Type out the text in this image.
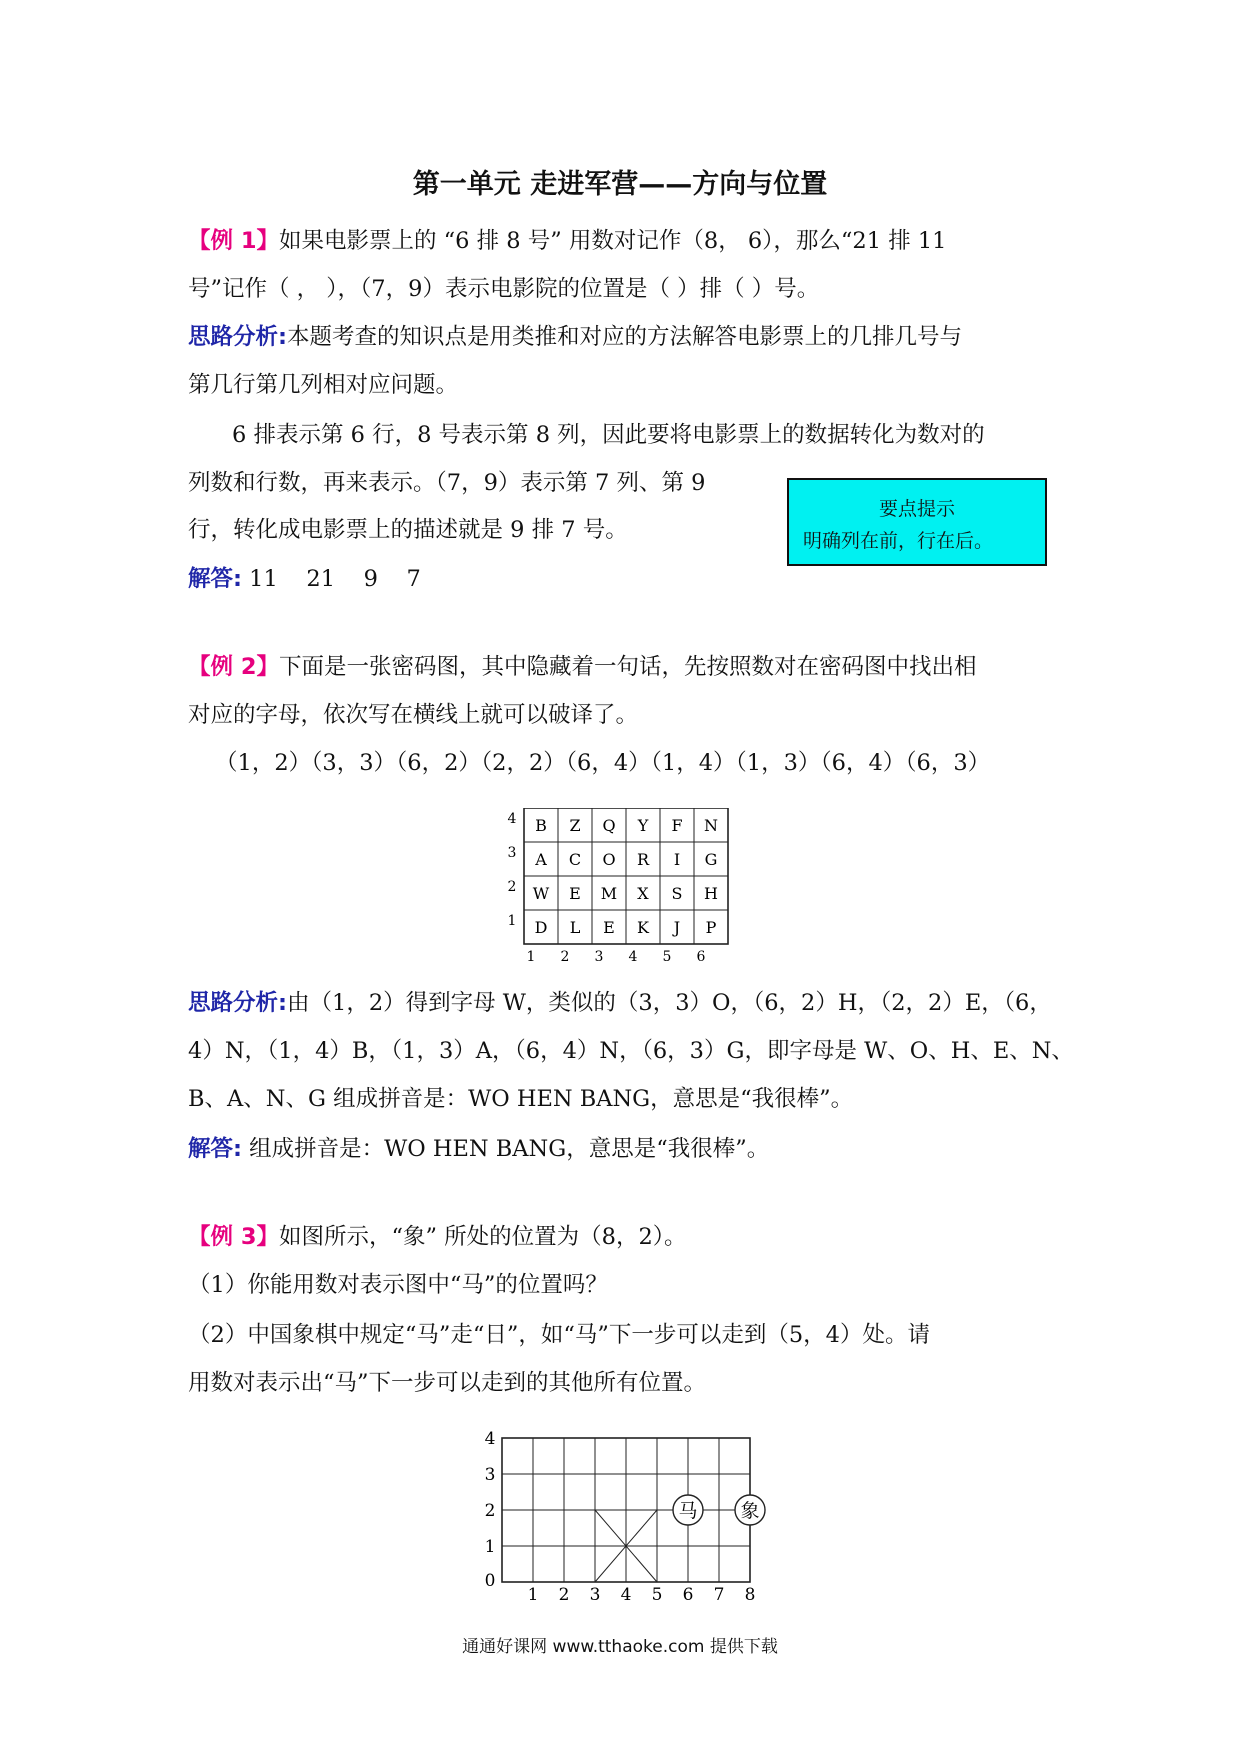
第一单元 走进军营——方向与位置
【例 1】如果电影票上的 “6 排 8 号” 用数对记作（8， 6），那么“21 排 11
号”记作（ ， ），（7，9）表示电影院的位置是（ ）排（ ）号。
思路分析:本题考查的知识点是用类推和对应的方法解答电影票上的几排几号与
第几行第几列相对应问题。
6 排表示第 6 行，8 号表示第 8 列，因此要将电影票上的数据转化为数对的
列数和行数，再来表示。（7，9）表示第 7 列、第 9
行，转化成电影票上的描述就是 9 排 7 号。
解答: 11    21    9    7
要点提示
明确列在前，行在后。
【例 2】下面是一张密码图，其中隐藏着一句话，先按照数对在密码图中找出相
对应的字母，依次写在横线上就可以破译了。
（1，2）（3，3）（6，2）（2，2）（6，4）（1，4）（1，3）（6，4）（6，3）
4 B Z Q Y F N
3 A C O R I G
2 W E M X S H
1 D L E K J P
1 2 3 4 5 6
思路分析:由（1，2）得到字母 W，类似的（3，3）O，（6，2）H，（2，2）E，（6，
4）N，（1，4）B，（1，3）A，（6，4）N，（6，3）G，即字母是 W、O、H、E、N、
B、A、N、G 组成拼音是：WO HEN BANG，意思是“我很棒”。
解答: 组成拼音是：WO HEN BANG，意思是“我很棒”。
【例 3】如图所示，“象” 所处的位置为（8，2）。
（1）你能用数对表示图中“马”的位置吗？
（2）中国象棋中规定“马”走“日”，如“马”下一步可以走到（5，4）处。请
用数对表示出“马”下一步可以走到的其他所有位置。
马 象
0
1 2 3 4 5 6 7 8
1
2
3
4
通通好课网 www.tthaoke.com 提供下载
